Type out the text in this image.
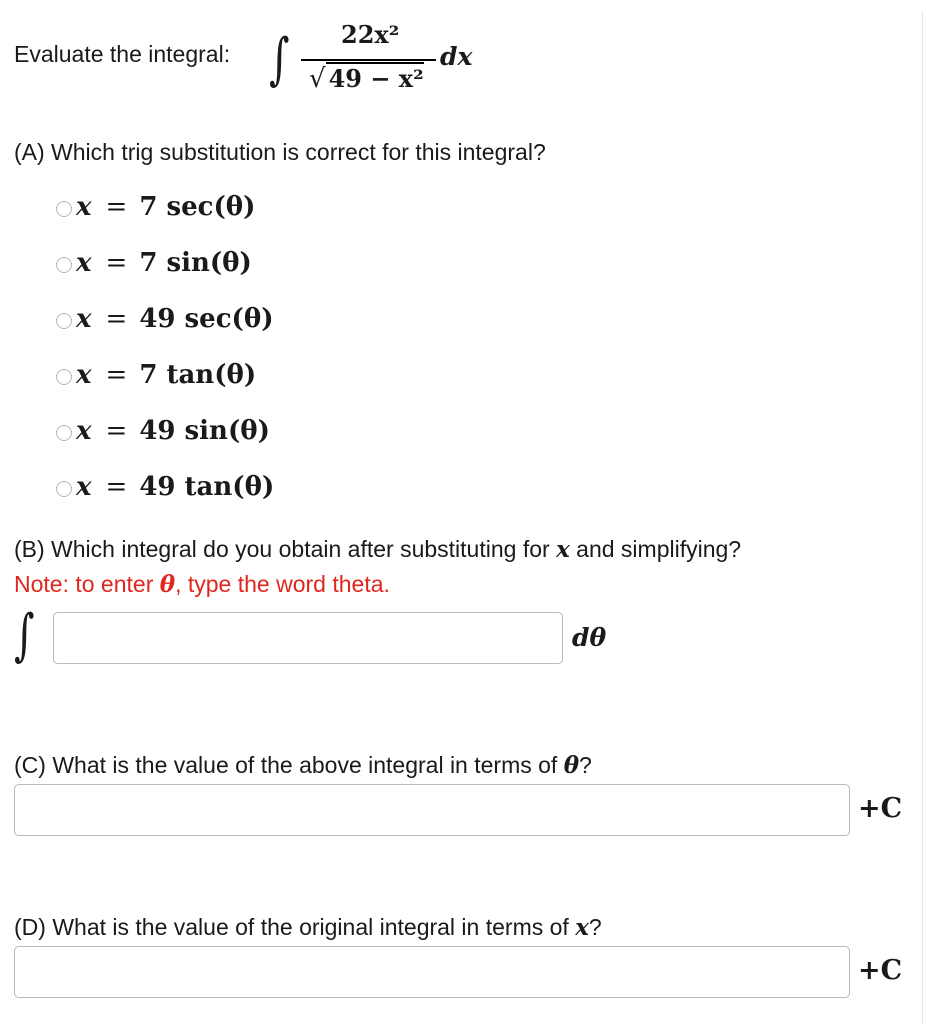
Evaluate the integral: ∫ 22x²
√ 49 − x²
dx
(A) Which trig substitution is correct for this integral?
x = 7 sec(θ)
x = 7 sin(θ)
x = 49 sec(θ)
x = 7 tan(θ)
x = 49 sin(θ)
x = 49 tan(θ)
(B) Which integral do you obtain after substituting for x and simplifying?
Note: to enter θ, type the word theta.
∫	dθ
(C) What is the value of the above integral in terms of θ?
+C
(D) What is the value of the original integral in terms of x?
+C
